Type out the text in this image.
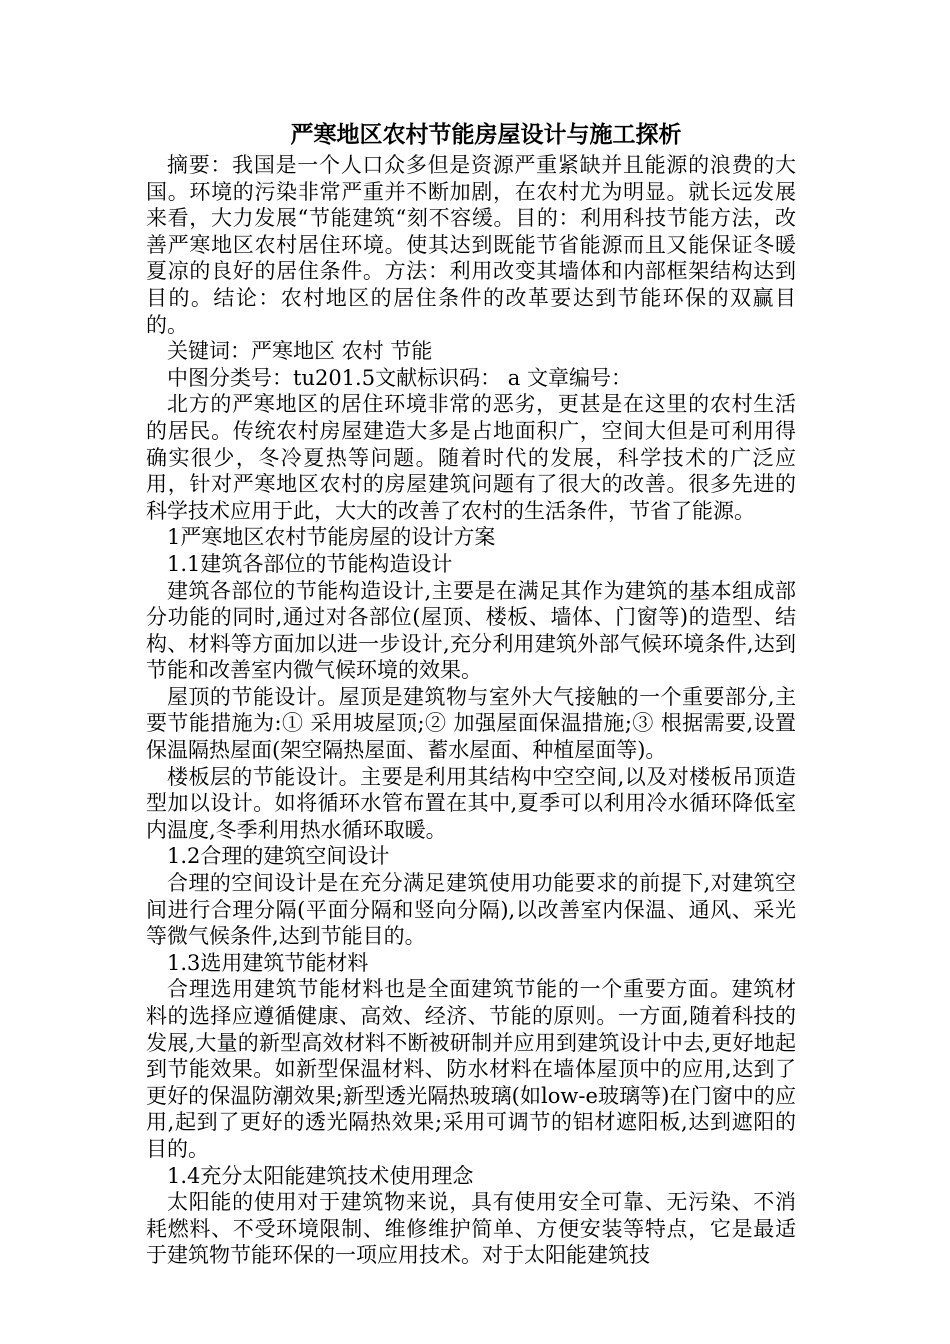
严寒地区农村节能房屋设计与施工探析
摘要：我国是一个人口众多但是资源严重紧缺并且能源的浪费的大国。环境的污染非常严重并不断加剧，在农村尤为明显。就长远发展来看，大力发展“节能建筑“刻不容缓。目的：利用科技节能方法，改善严寒地区农村居住环境。使其达到既能节省能源而且又能保证冬暖夏凉的良好的居住条件。方法：利用改变其墙体和内部框架结构达到目的。结论：农村地区的居住条件的改革要达到节能环保的双赢目的。
关键词：严寒地区 农村 节能
中图分类号：tu201.5文献标识码： a 文章编号：
北方的严寒地区的居住环境非常的恶劣，更甚是在这里的农村生活的居民。传统农村房屋建造大多是占地面积广，空间大但是可利用得确实很少，冬冷夏热等问题。随着时代的发展，科学技术的广泛应用，针对严寒地区农村的房屋建筑问题有了很大的改善。很多先进的科学技术应用于此，大大的改善了农村的生活条件，节省了能源。
1严寒地区农村节能房屋的设计方案
1.1建筑各部位的节能构造设计
建筑各部位的节能构造设计,主要是在满足其作为建筑的基本组成部分功能的同时,通过对各部位(屋顶、楼板、墙体、门窗等)的造型、结构、材料等方面加以进一步设计,充分利用建筑外部气候环境条件,达到节能和改善室内微气候环境的效果。
屋顶的节能设计。屋顶是建筑物与室外大气接触的一个重要部分,主要节能措施为:① 采用坡屋顶;② 加强屋面保温措施;③ 根据需要,设置保温隔热屋面(架空隔热屋面、蓄水屋面、种植屋面等)。
楼板层的节能设计。主要是利用其结构中空空间,以及对楼板吊顶造型加以设计。如将循环水管布置在其中,夏季可以利用冷水循环降低室内温度,冬季利用热水循环取暖。
1.2合理的建筑空间设计
合理的空间设计是在充分满足建筑使用功能要求的前提下,对建筑空间进行合理分隔(平面分隔和竖向分隔),以改善室内保温、通风、采光等微气候条件,达到节能目的。
1.3选用建筑节能材料
合理选用建筑节能材料也是全面建筑节能的一个重要方面。建筑材料的选择应遵循健康、高效、经济、节能的原则。一方面,随着科技的发展,大量的新型高效材料不断被研制并应用到建筑设计中去,更好地起到节能效果。如新型保温材料、防水材料在墙体屋顶中的应用,达到了更好的保温防潮效果;新型透光隔热玻璃(如low-e玻璃等)在门窗中的应用,起到了更好的透光隔热效果;采用可调节的铝材遮阳板,达到遮阳的目的。
1.4充分太阳能建筑技术使用理念
太阳能的使用对于建筑物来说，具有使用安全可靠、无污染、不消耗燃料、不受环境限制、维修维护简单、方便安装等特点，它是最适于建筑物节能环保的一项应用技术。对于太阳能建筑技
